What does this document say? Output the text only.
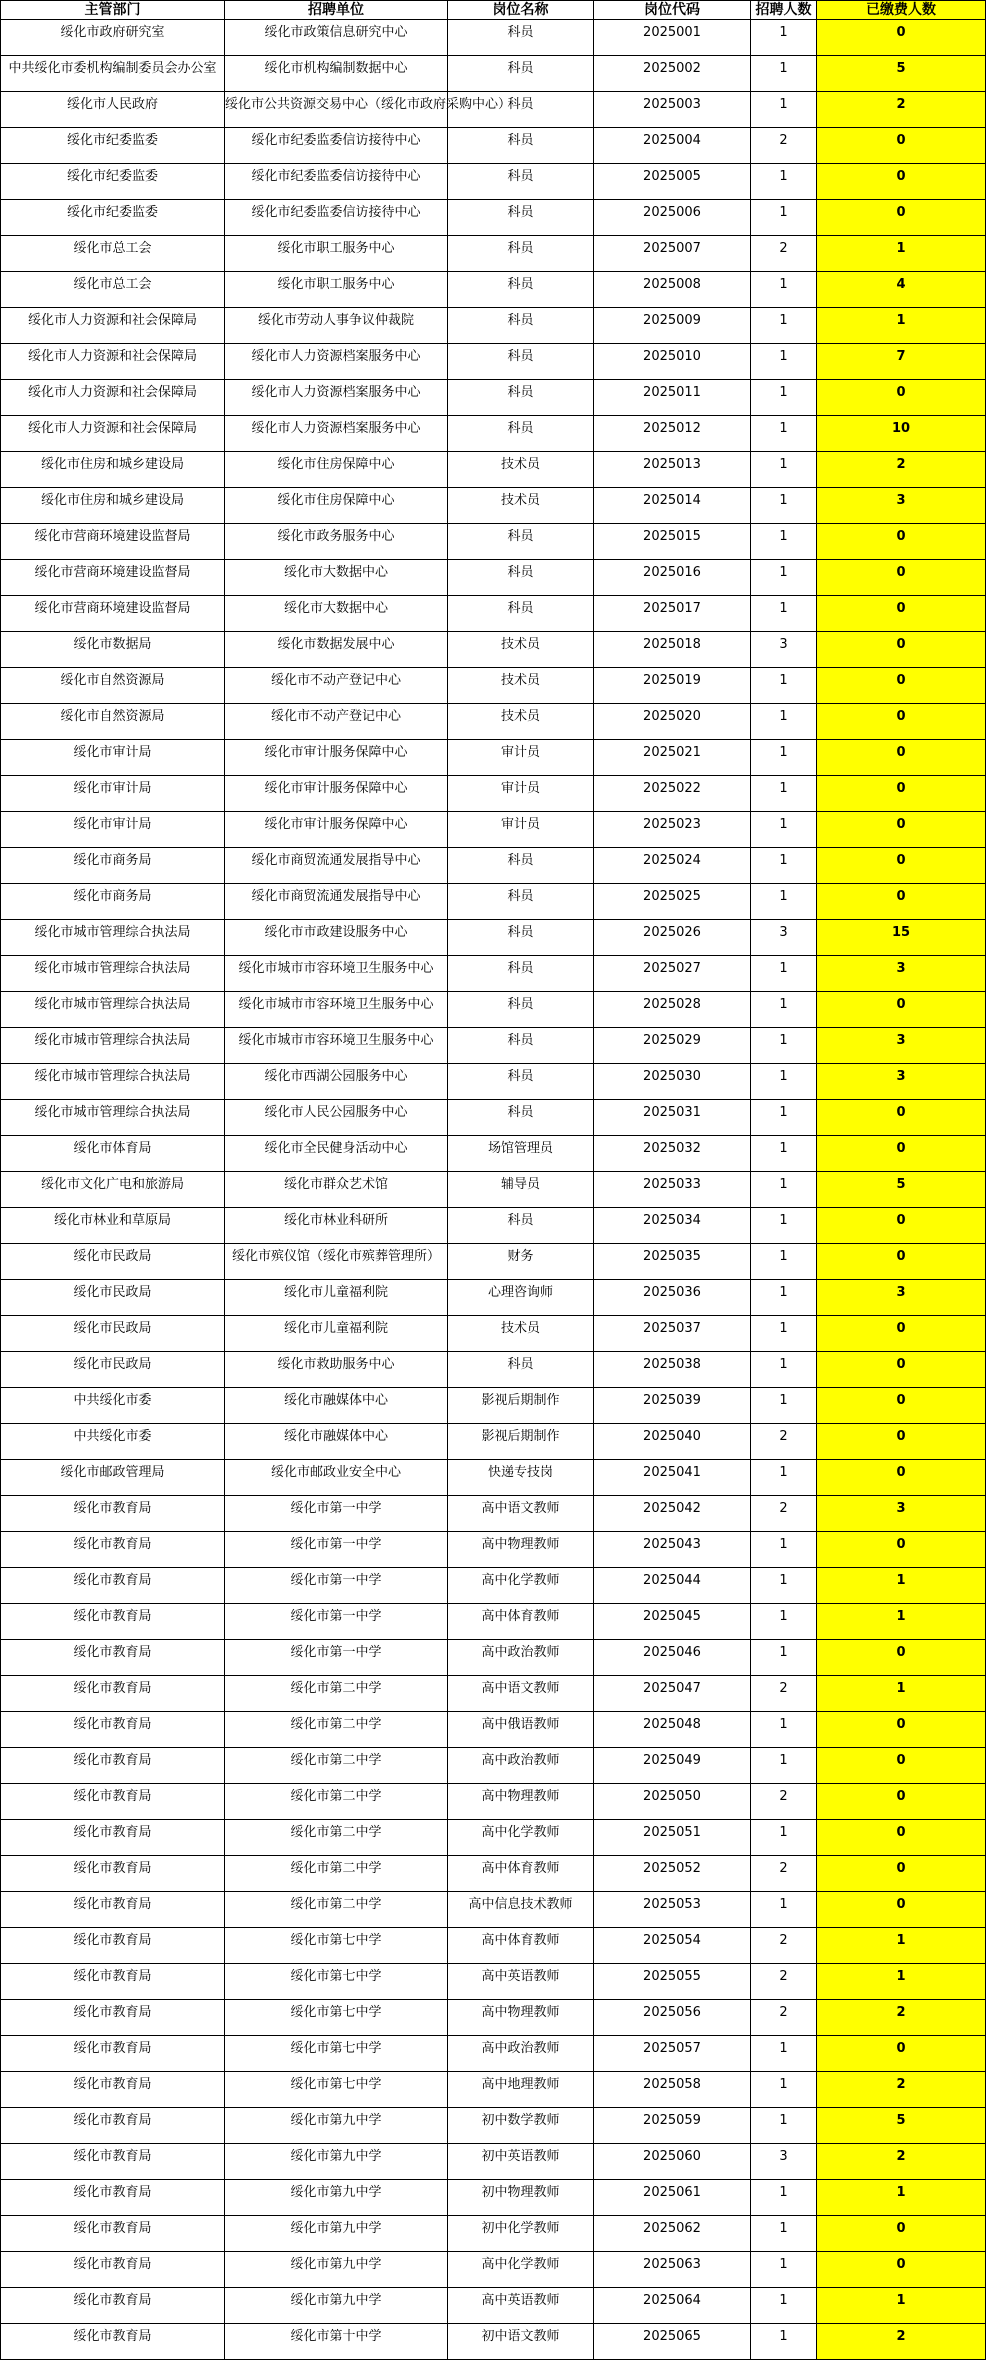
主管部门	招聘单位	岗位名称	岗位代码	招聘人数	已缴费人数
绥化市政府研究室	绥化市政策信息研究中心	科员	2025001	1	0
中共绥化市委机构编制委员会办公室	绥化市机构编制数据中心	科员	2025002	1	5
绥化市人民政府	绥化市公共资源交易中心（绥化市政府采购中心）	科员	2025003	1	2
绥化市纪委监委	绥化市纪委监委信访接待中心	科员	2025004	2	0
绥化市纪委监委	绥化市纪委监委信访接待中心	科员	2025005	1	0
绥化市纪委监委	绥化市纪委监委信访接待中心	科员	2025006	1	0
绥化市总工会	绥化市职工服务中心	科员	2025007	2	1
绥化市总工会	绥化市职工服务中心	科员	2025008	1	4
绥化市人力资源和社会保障局	绥化市劳动人事争议仲裁院	科员	2025009	1	1
绥化市人力资源和社会保障局	绥化市人力资源档案服务中心	科员	2025010	1	7
绥化市人力资源和社会保障局	绥化市人力资源档案服务中心	科员	2025011	1	0
绥化市人力资源和社会保障局	绥化市人力资源档案服务中心	科员	2025012	1	10
绥化市住房和城乡建设局	绥化市住房保障中心	技术员	2025013	1	2
绥化市住房和城乡建设局	绥化市住房保障中心	技术员	2025014	1	3
绥化市营商环境建设监督局	绥化市政务服务中心	科员	2025015	1	0
绥化市营商环境建设监督局	绥化市大数据中心	科员	2025016	1	0
绥化市营商环境建设监督局	绥化市大数据中心	科员	2025017	1	0
绥化市数据局	绥化市数据发展中心	技术员	2025018	3	0
绥化市自然资源局	绥化市不动产登记中心	技术员	2025019	1	0
绥化市自然资源局	绥化市不动产登记中心	技术员	2025020	1	0
绥化市审计局	绥化市审计服务保障中心	审计员	2025021	1	0
绥化市审计局	绥化市审计服务保障中心	审计员	2025022	1	0
绥化市审计局	绥化市审计服务保障中心	审计员	2025023	1	0
绥化市商务局	绥化市商贸流通发展指导中心	科员	2025024	1	0
绥化市商务局	绥化市商贸流通发展指导中心	科员	2025025	1	0
绥化市城市管理综合执法局	绥化市市政建设服务中心	科员	2025026	3	15
绥化市城市管理综合执法局	绥化市城市市容环境卫生服务中心	科员	2025027	1	3
绥化市城市管理综合执法局	绥化市城市市容环境卫生服务中心	科员	2025028	1	0
绥化市城市管理综合执法局	绥化市城市市容环境卫生服务中心	科员	2025029	1	3
绥化市城市管理综合执法局	绥化市西湖公园服务中心	科员	2025030	1	3
绥化市城市管理综合执法局	绥化市人民公园服务中心	科员	2025031	1	0
绥化市体育局	绥化市全民健身活动中心	场馆管理员	2025032	1	0
绥化市文化广电和旅游局	绥化市群众艺术馆	辅导员	2025033	1	5
绥化市林业和草原局	绥化市林业科研所	科员	2025034	1	0
绥化市民政局	绥化市殡仪馆（绥化市殡葬管理所）	财务	2025035	1	0
绥化市民政局	绥化市儿童福利院	心理咨询师	2025036	1	3
绥化市民政局	绥化市儿童福利院	技术员	2025037	1	0
绥化市民政局	绥化市救助服务中心	科员	2025038	1	0
中共绥化市委	绥化市融媒体中心	影视后期制作	2025039	1	0
中共绥化市委	绥化市融媒体中心	影视后期制作	2025040	2	0
绥化市邮政管理局	绥化市邮政业安全中心	快递专技岗	2025041	1	0
绥化市教育局	绥化市第一中学	高中语文教师	2025042	2	3
绥化市教育局	绥化市第一中学	高中物理教师	2025043	1	0
绥化市教育局	绥化市第一中学	高中化学教师	2025044	1	1
绥化市教育局	绥化市第一中学	高中体育教师	2025045	1	1
绥化市教育局	绥化市第一中学	高中政治教师	2025046	1	0
绥化市教育局	绥化市第二中学	高中语文教师	2025047	2	1
绥化市教育局	绥化市第二中学	高中俄语教师	2025048	1	0
绥化市教育局	绥化市第二中学	高中政治教师	2025049	1	0
绥化市教育局	绥化市第二中学	高中物理教师	2025050	2	0
绥化市教育局	绥化市第二中学	高中化学教师	2025051	1	0
绥化市教育局	绥化市第二中学	高中体育教师	2025052	2	0
绥化市教育局	绥化市第二中学	高中信息技术教师	2025053	1	0
绥化市教育局	绥化市第七中学	高中体育教师	2025054	2	1
绥化市教育局	绥化市第七中学	高中英语教师	2025055	2	1
绥化市教育局	绥化市第七中学	高中物理教师	2025056	2	2
绥化市教育局	绥化市第七中学	高中政治教师	2025057	1	0
绥化市教育局	绥化市第七中学	高中地理教师	2025058	1	2
绥化市教育局	绥化市第九中学	初中数学教师	2025059	1	5
绥化市教育局	绥化市第九中学	初中英语教师	2025060	3	2
绥化市教育局	绥化市第九中学	初中物理教师	2025061	1	1
绥化市教育局	绥化市第九中学	初中化学教师	2025062	1	0
绥化市教育局	绥化市第九中学	高中化学教师	2025063	1	0
绥化市教育局	绥化市第九中学	高中英语教师	2025064	1	1
绥化市教育局	绥化市第十中学	初中语文教师	2025065	1	2
